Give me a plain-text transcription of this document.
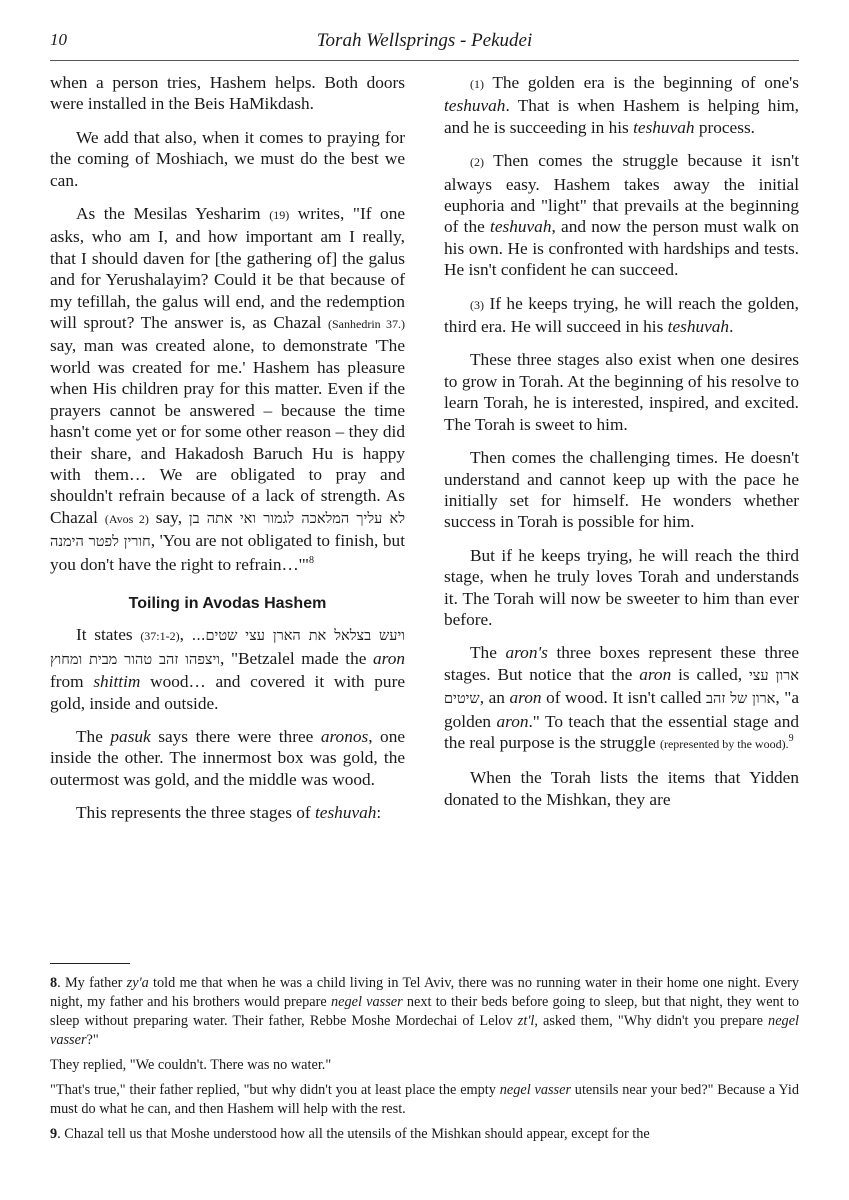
10	Torah Wellsprings - Pekudei

when a person tries, Hashem helps. Both doors were installed in the Beis HaMikdash.

We add that also, when it comes to praying for the coming of Moshiach, we must do the best we can.

As the Mesilas Yesharim (19) writes, "If one asks, who am I, and how important am I really, that I should daven for [the gathering of] the galus and for Yerushalayim? Could it be that because of my tefillah, the galus will end, and the redemption will sprout? The answer is, as Chazal (Sanhedrin 37.) say, man was created alone, to demonstrate 'The world was created for me.' Hashem has pleasure when His children pray for this matter. Even if the prayers cannot be answered – because the time hasn't come yet or for some other reason – they did their share, and Hakadosh Baruch Hu is happy with them… We are obligated to pray and shouldn't refrain because of a lack of strength. As Chazal (Avos 2) say, לא עליך המלאכה לגמור ואי אתה בן חורין לפטר הימנה, 'You are not obligated to finish, but you don't have the right to refrain…'"$^8$

Toiling in Avodas Hashem

It states (37:1-2), ויעש בצלאל את הארן עצי שטים... ויצפהו זהב טהור מבית ומחוץ, "Betzalel made the aron from shittim wood… and covered it with pure gold, inside and outside.

The pasuk says there were three aronos, one inside the other. The innermost box was gold, the outermost was gold, and the middle was wood.

This represents the three stages of teshuvah:

(1) The golden era is the beginning of one's teshuvah. That is when Hashem is helping him, and he is succeeding in his teshuvah process.

(2) Then comes the struggle because it isn't always easy. Hashem takes away the initial euphoria and "light" that prevails at the beginning of the teshuvah, and now the person must walk on his own. He is confronted with hardships and tests. He isn't confident he can succeed.

(3) If he keeps trying, he will reach the golden, third era. He will succeed in his teshuvah.

These three stages also exist when one desires to grow in Torah. At the beginning of his resolve to learn Torah, he is interested, inspired, and excited. The Torah is sweet to him.

Then comes the challenging times. He doesn't understand and cannot keep up with the pace he initially set for himself. He wonders whether success in Torah is possible for him.

But if he keeps trying, he will reach the third stage, when he truly loves Torah and understands it. The Torah will now be sweeter to him than ever before.

The aron's three boxes represent these three stages. But notice that the aron is called, ארון עצי שיטים, an aron of wood. It isn't called ארון של זהב, "a golden aron." To teach that the essential stage and the real purpose is the struggle (represented by the wood).$^9$

When the Torah lists the items that Yidden donated to the Mishkan, they are

8. My father zy'a told me that when he was a child living in Tel Aviv, there was no running water in their home one night. Every night, my father and his brothers would prepare negel vasser next to their beds before going to sleep, but that night, they went to sleep without preparing water. Their father, Rebbe Moshe Mordechai of Lelov zt'l, asked them, "Why didn't you prepare negel vasser?"

They replied, "We couldn't. There was no water."

"That's true," their father replied, "but why didn't you at least place the empty negel vasser utensils near your bed?" Because a Yid must do what he can, and then Hashem will help with the rest.

9. Chazal tell us that Moshe understood how all the utensils of the Mishkan should appear, except for the
